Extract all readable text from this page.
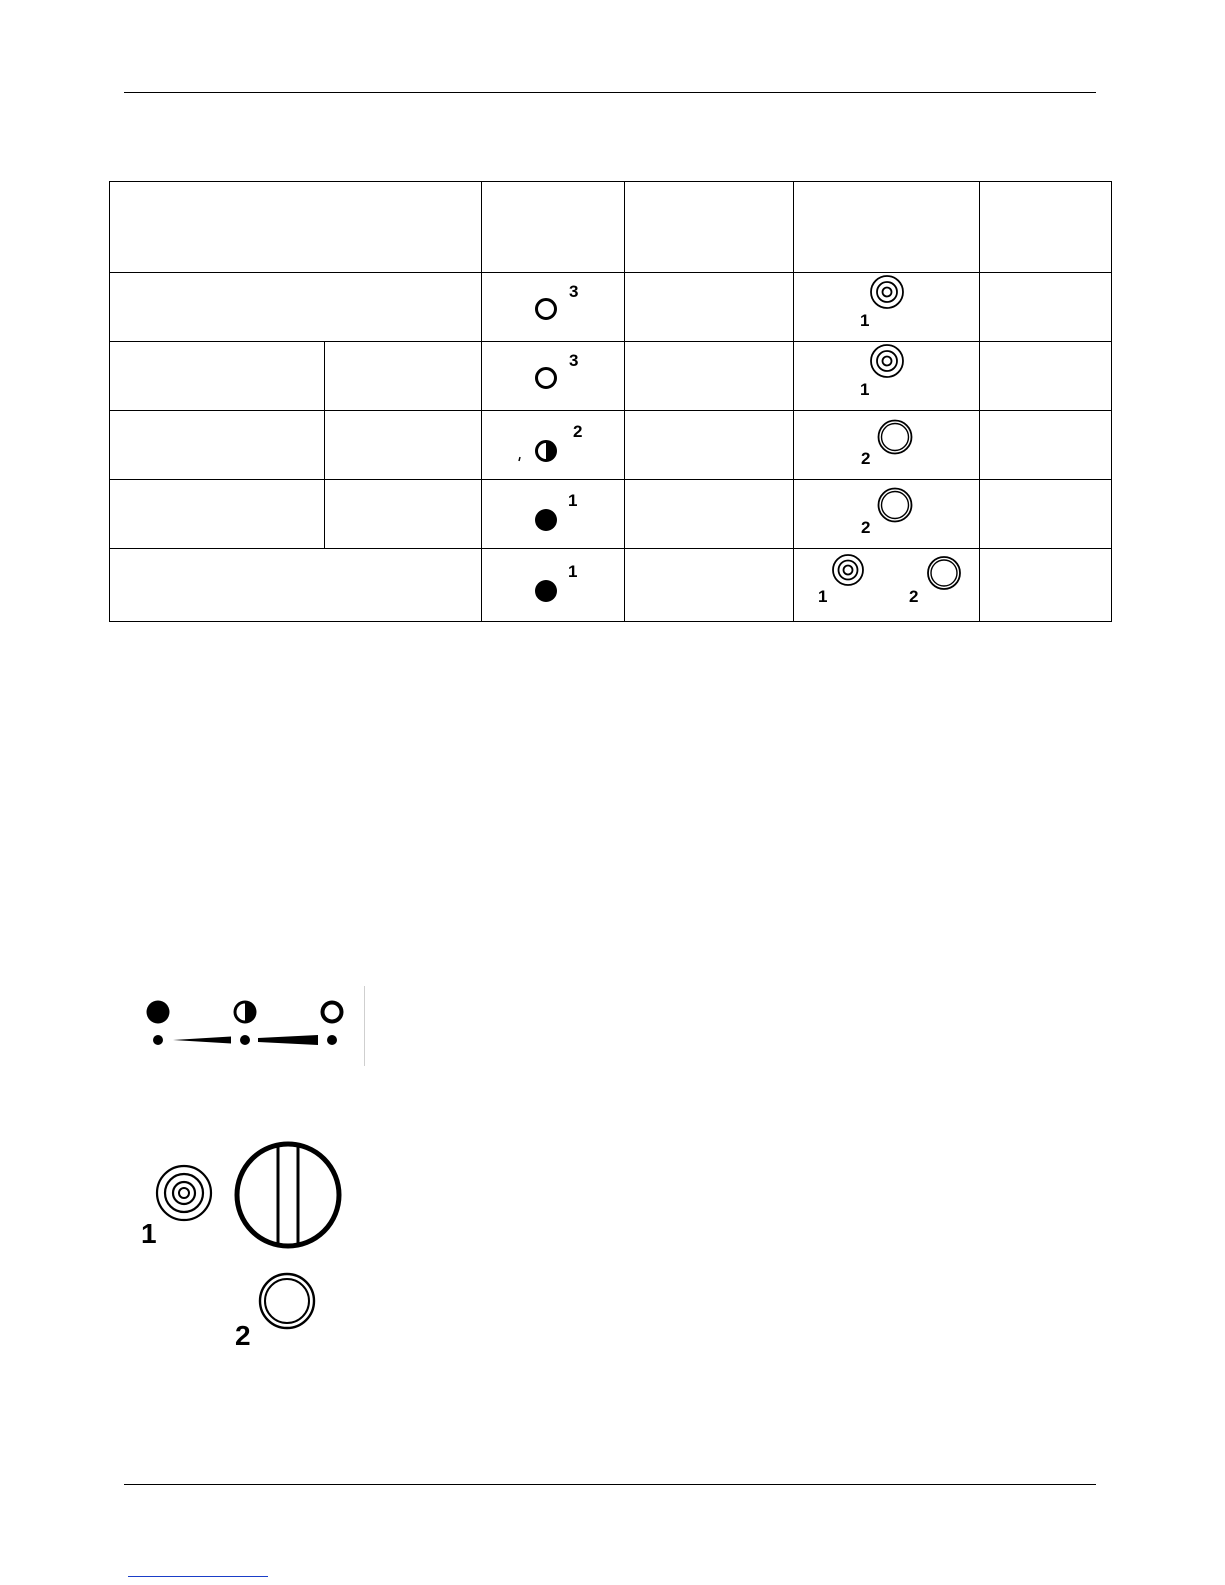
3		1	

3		1	

2		2	

1		2	

1		1 2	

1
2
